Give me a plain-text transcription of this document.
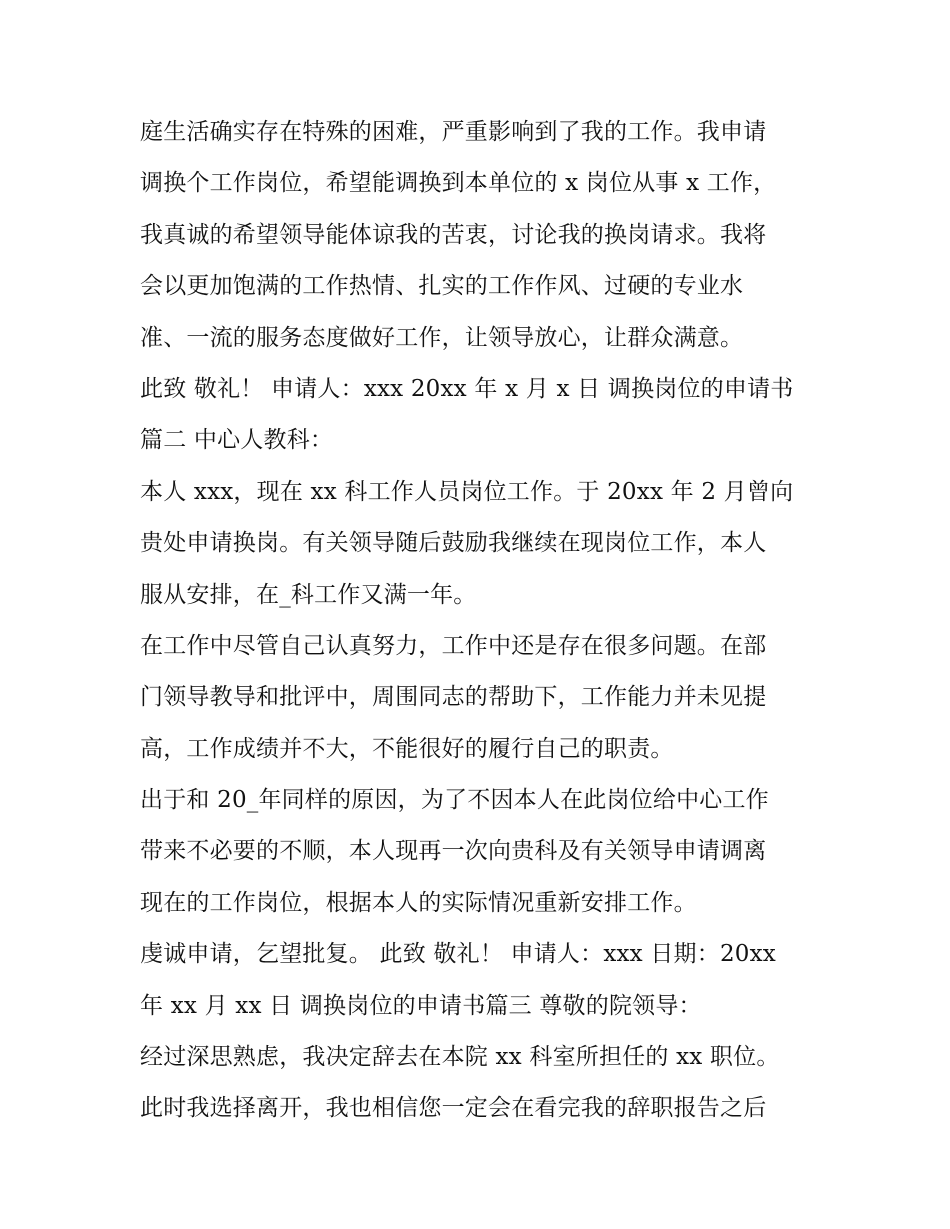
庭生活确实存在特殊的困难，严重影响到了我的工作。我申请
调换个工作岗位，希望能调换到本单位的 x 岗位从事 x 工作，
我真诚的希望领导能体谅我的苦衷，讨论我的换岗请求。我将
会以更加饱满的工作热情、扎实的工作作风、过硬的专业水
准、一流的服务态度做好工作，让领导放心，让群众满意。
此致 敬礼！ 申请人：xxx 20xx 年 x 月 x 日 调换岗位的申请书
篇二 中心人教科：
本人 xxx，现在 xx 科工作人员岗位工作。于 20xx 年 2 月曾向
贵处申请换岗。有关领导随后鼓励我继续在现岗位工作，本人
服从安排，在_科工作又满一年。
在工作中尽管自己认真努力，工作中还是存在很多问题。在部
门领导教导和批评中，周围同志的帮助下，工作能力并未见提
高，工作成绩并不大，不能很好的履行自己的职责。
出于和 20_年同样的原因，为了不因本人在此岗位给中心工作
带来不必要的不顺，本人现再一次向贵科及有关领导申请调离
现在的工作岗位，根据本人的实际情况重新安排工作。
虔诚申请，乞望批复。 此致 敬礼！ 申请人：xxx 日期：20xx
年 xx 月 xx 日 调换岗位的申请书篇三 尊敬的院领导：
经过深思熟虑，我决定辞去在本院 xx 科室所担任的 xx 职位。
此时我选择离开，我也相信您一定会在看完我的辞职报告之后
